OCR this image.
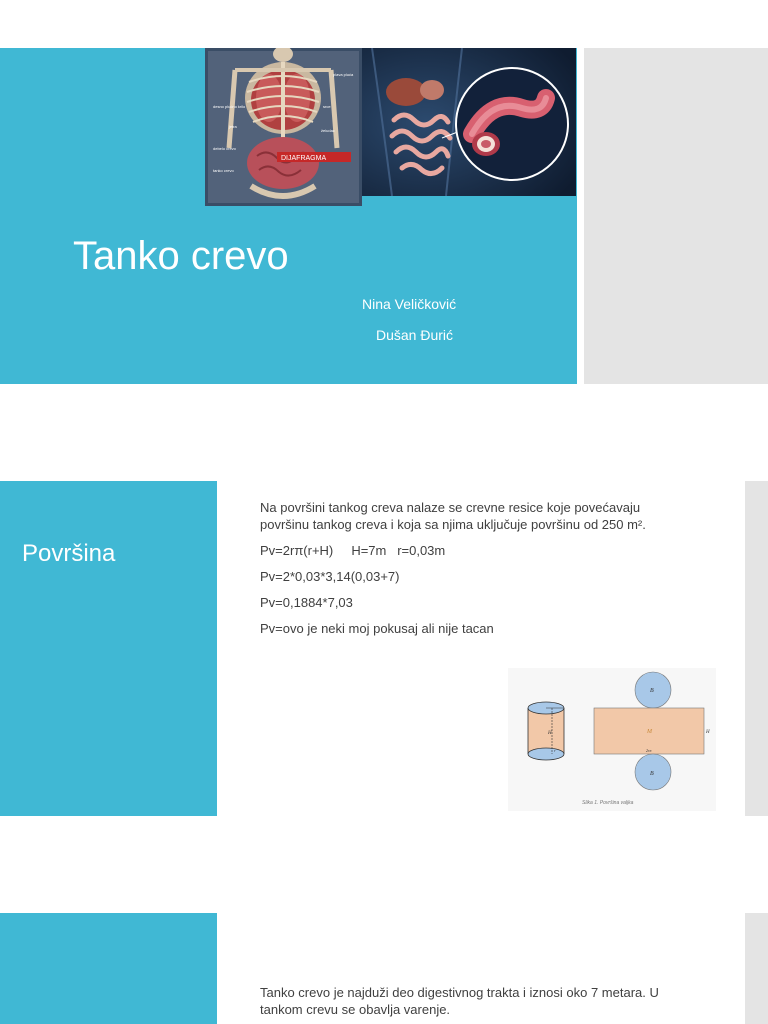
DIJAFRAGMA
plava pluća
desno plućno krilo	srce
jetra
želudac
debelo crevo
tanko crevo
Tanko crevo
Nina Veličković
Dušan Đurić
Površina
Na površini tankog creva nalaze se crevne resice koje povećavaju površinu tankog creva i koja sa njima uključuje površinu od 250 m².
Pv=2rπ(r+H)     H=7m   r=0,03m
Pv=2*0,03*3,14(0,03+7)
Pv=0,1884*7,03
Pv=ovo je neki moj pokusaj ali nije tacan
H
r
B
M	H
2rπ
B
Slika 1. Površina valjka
Tanko crevo je najduži deo digestivnog trakta i iznosi oko 7 metara. U tankom crevu se obavlja varenje.
